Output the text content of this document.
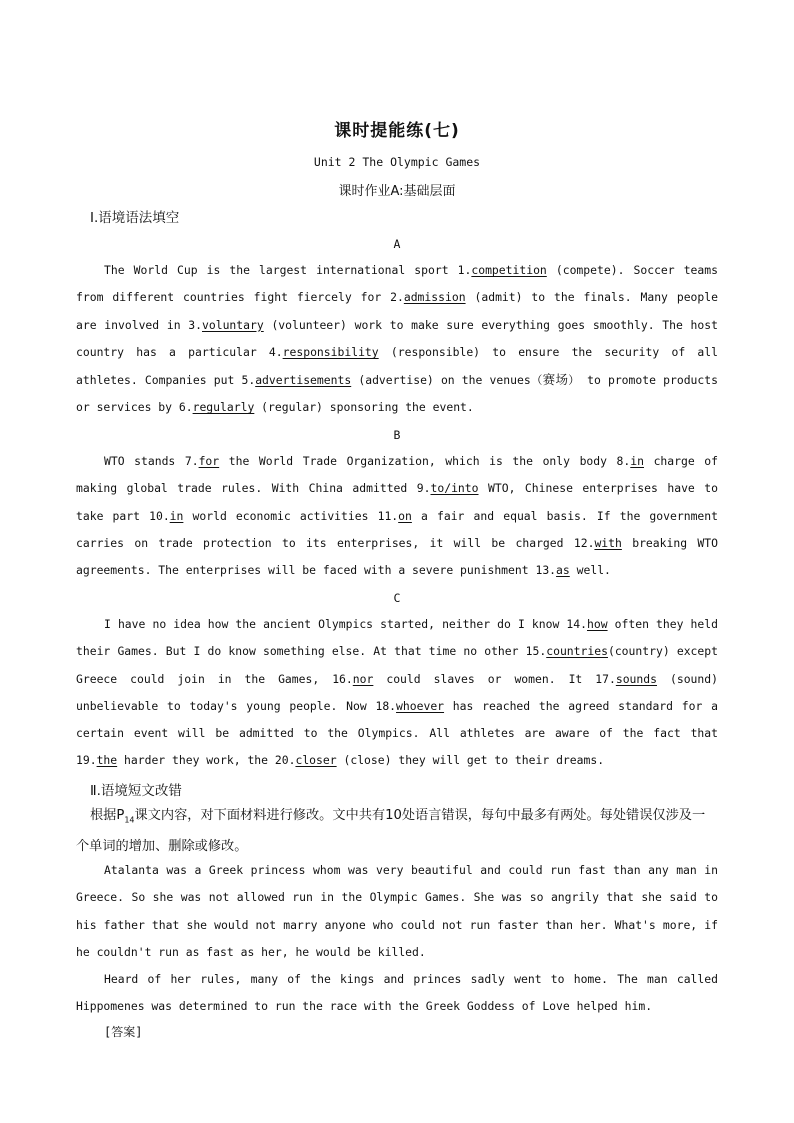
课时提能练(七)
Unit 2 The Olympic Games
课时作业A:基础层面
Ⅰ.语境语法填空
A
The World Cup is the largest international sport 1.competition (compete). Soccer teams from different countries fight fiercely for 2.admission (admit) to the finals. Many people are involved in 3.voluntary (volunteer) work to make sure everything goes smoothly. The host country has a particular 4.responsibility (responsible) to ensure the security of all athletes. Companies put 5.advertisements (advertise) on the venues（赛场） to promote products or services by 6.regularly (regular) sponsoring the event.
B
WTO stands 7.for the World Trade Organization, which is the only body 8.in charge of making global trade rules. With China admitted 9.to/into WTO, Chinese enterprises have to take part 10.in world economic activities 11.on a fair and equal basis. If the government carries on trade protection to its enterprises, it will be charged 12.with breaking WTO agreements. The enterprises will be faced with a severe punishment 13.as well.
C
I have no idea how the ancient Olympics started, neither do I know 14.how often they held their Games. But I do know something else. At that time no other 15.countries(country) except Greece could join in the Games, 16.nor could slaves or women. It 17.sounds (sound) unbelievable to today's young people. Now 18.whoever has reached the agreed standard for a certain event will be admitted to the Olympics. All athletes are aware of the fact that 19.the harder they work, the 20.closer (close) they will get to their dreams.
Ⅱ.语境短文改错
根据$P_{14}$课文内容，对下面材料进行修改。文中共有10处语言错误，每句中最多有两处。每处错误仅涉及一个单词的增加、删除或修改。
Atalanta was a Greek princess whom was very beautiful and could run fast than any man in Greece. So she was not allowed run in the Olympic Games. She was so angrily that she said to his father that she would not marry anyone who could not run faster than her. What's more, if he couldn't run as fast as her, he would be killed.
Heard of her rules, many of the kings and princes sadly went to home. The man called Hippomenes was determined to run the race with the Greek Goddess of Love helped him.
[答案]
